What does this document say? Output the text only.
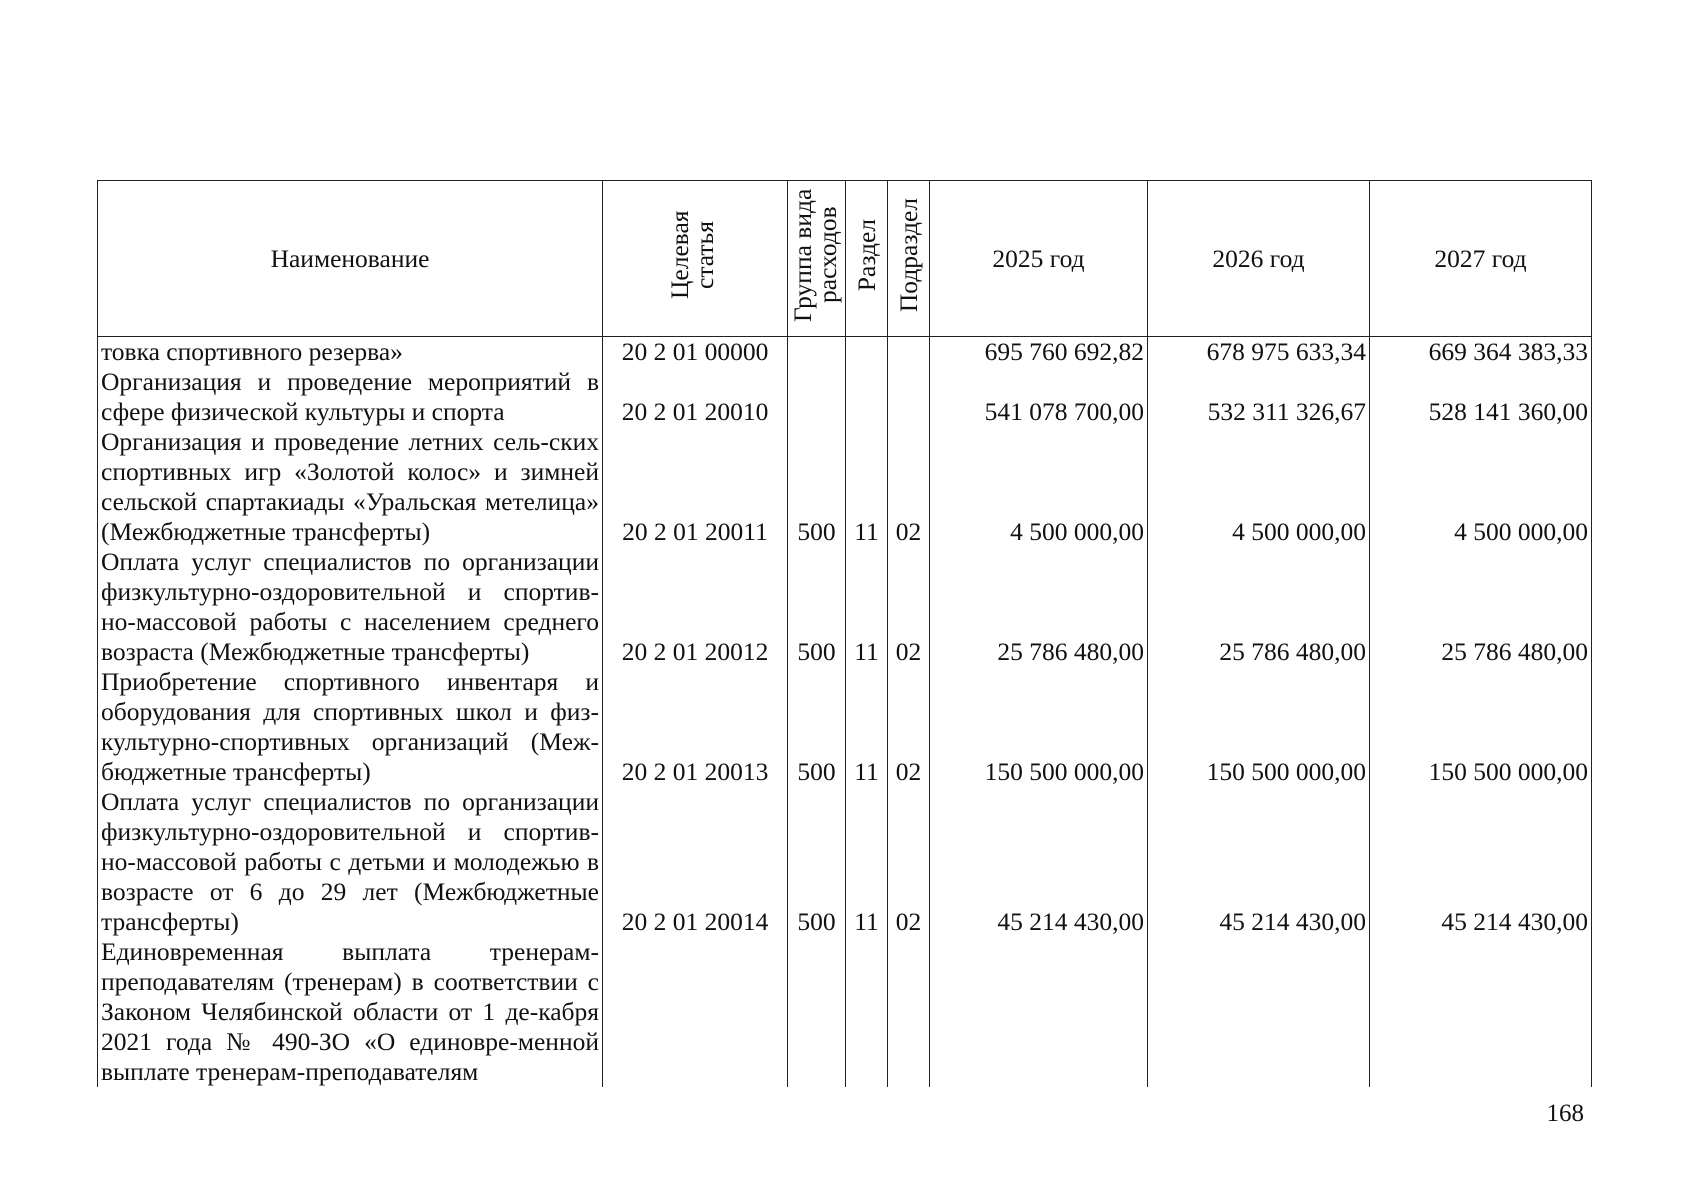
Наименование	Целевая статья	Группа вида расходов	Раздел	Подраздел	2025 год	2026 год	2027 год
товка спортивного резерва»	20 2 01 00000				695 760 692,82	678 975 633,34	669 364 383,33
Организация и проведение мероприятий в сфере физической культуры и спорта	20 2 01 20010				541 078 700,00	532 311 326,67	528 141 360,00
Организация и проведение летних сель-ских спортивных игр «Золотой колос» и зимней сельской спартакиады «Уральская метелица» (Межбюджетные трансферты)	20 2 01 20011	500	11	02	4 500 000,00	4 500 000,00	4 500 000,00
Оплата услуг специалистов по организации физкультурно-оздоровительной и спортив-но-массовой работы с населением среднего возраста (Межбюджетные трансферты)	20 2 01 20012	500	11	02	25 786 480,00	25 786 480,00	25 786 480,00
Приобретение спортивного инвентаря и оборудования для спортивных школ и физ-культурно-спортивных организаций (Меж-бюджетные трансферты)	20 2 01 20013	500	11	02	150 500 000,00	150 500 000,00	150 500 000,00
Оплата услуг специалистов по организации физкультурно-оздоровительной и спортив-но-массовой работы с детьми и молодежью в возрасте от 6 до 29 лет (Межбюджетные трансферты)	20 2 01 20014	500	11	02	45 214 430,00	45 214 430,00	45 214 430,00
Единовременная выплата тренерам-преподавателям (тренерам) в соответствии с Законом Челябинской области от 1 де-кабря 2021 года № 490-ЗО «О единовре-менной выплате тренерам-преподавателям							
168
